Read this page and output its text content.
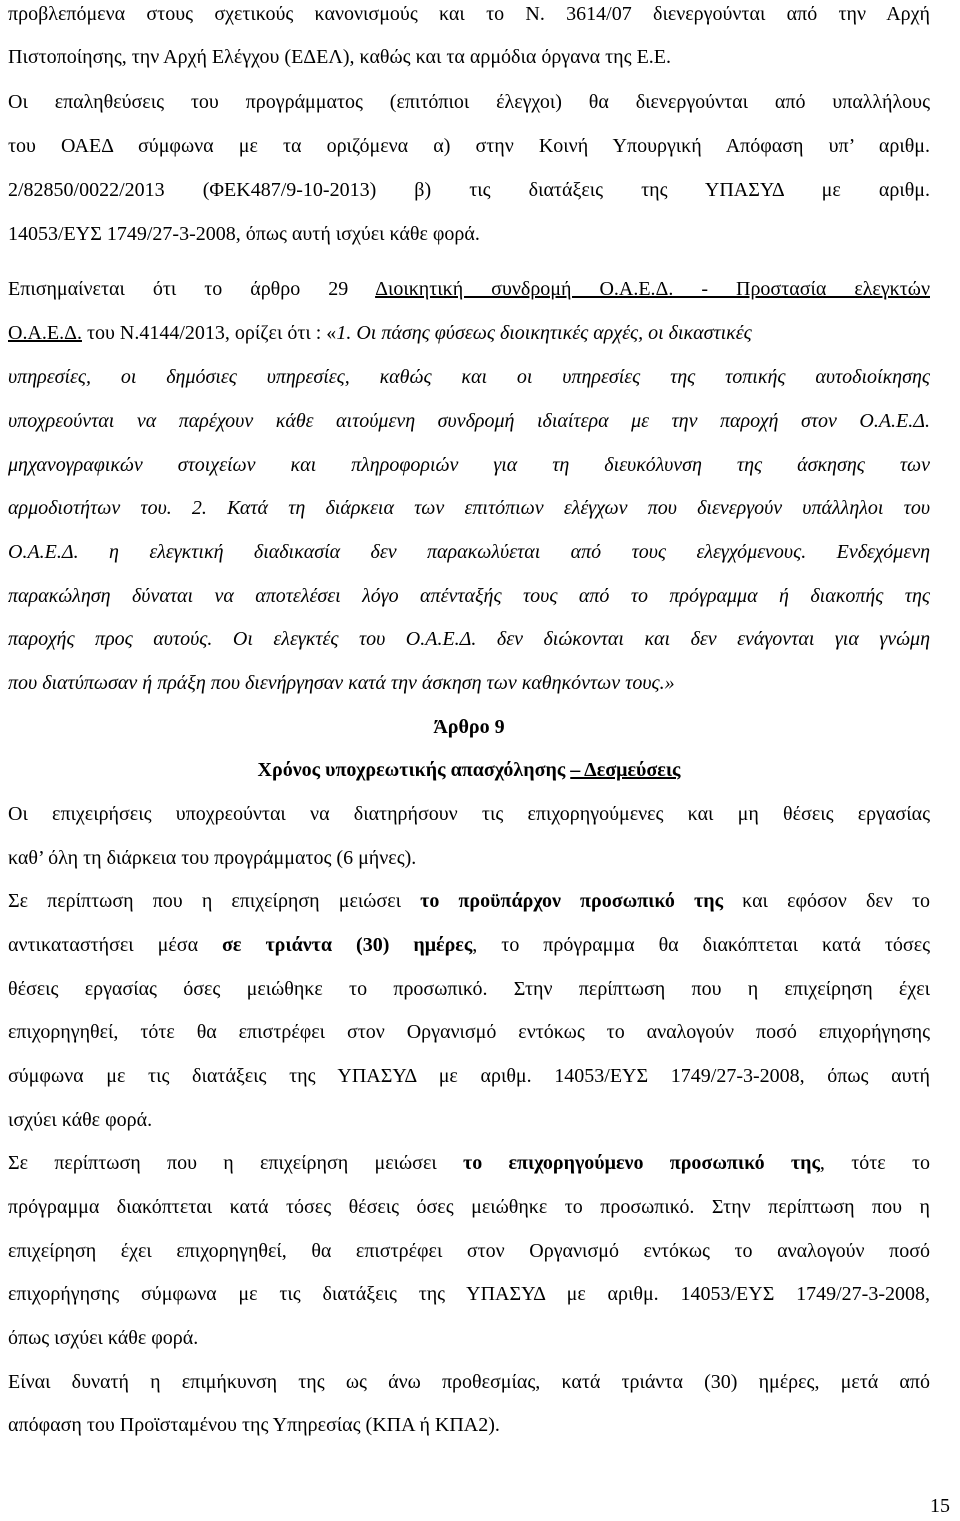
προβλεπόμενα στους σχετικούς κανονισμούς και το Ν. 3614/07 διενεργούνται από την Αρχή
Πιστοποίησης, την Αρχή Ελέγχου (ΕΔΕΛ), καθώς και τα αρμόδια όργανα της Ε.Ε.
Οι επαληθεύσεις του προγράμματος (επιτόπιοι έλεγχοι) θα διενεργούνται από υπαλλήλους
του ΟΑΕΔ σύμφωνα με τα οριζόμενα α) στην Κοινή Υπουργική Απόφαση υπ’ αριθμ.
2/82850/0022/2013 (ΦΕΚ487/9-10-2013) β) τις διατάξεις της ΥΠΑΣΥΔ με αριθμ.
14053/ΕΥΣ 1749/27-3-2008, όπως αυτή ισχύει κάθε φορά.
Επισημαίνεται ότι το άρθρο 29 Διοικητική συνδρομή Ο.Α.Ε.Δ. - Προστασία ελεγκτών
Ο.Α.Ε.Δ. του Ν.4144/2013, ορίζει ότι : «1. Οι πάσης φύσεως διοικητικές αρχές, οι δικαστικές
υπηρεσίες, οι δημόσιες υπηρεσίες, καθώς και οι υπηρεσίες της τοπικής αυτοδιοίκησης
υποχρεούνται να παρέχουν κάθε αιτούμενη συνδρομή ιδιαίτερα με την παροχή στον Ο.Α.Ε.Δ.
μηχανογραφικών στοιχείων και πληροφοριών για τη διευκόλυνση της άσκησης των
αρμοδιοτήτων του. 2. Κατά τη διάρκεια των επιτόπιων ελέγχων που διενεργούν υπάλληλοι του
Ο.Α.Ε.Δ. η ελεγκτική διαδικασία δεν παρακωλύεται από τους ελεγχόμενους. Ενδεχόμενη
παρακώληση δύναται να αποτελέσει λόγο απένταξής τους από το πρόγραμμα ή διακοπής της
παροχής προς αυτούς. Οι ελεγκτές του Ο.Α.Ε.Δ. δεν διώκονται και δεν ενάγονται για γνώμη
που διατύπωσαν ή πράξη που διενήργησαν κατά την άσκηση των καθηκόντων τους.»
Άρθρο 9
Χρόνος υποχρεωτικής απασχόλησης – Δεσμεύσεις
Οι επιχειρήσεις υποχρεούνται να διατηρήσουν τις επιχορηγούμενες και μη θέσεις εργασίας
καθ’ όλη τη διάρκεια του προγράμματος (6 μήνες).
Σε περίπτωση που η επιχείρηση μειώσει το προϋπάρχον προσωπικό της και εφόσον δεν το
αντικαταστήσει μέσα σε τριάντα (30) ημέρες, το πρόγραμμα θα διακόπτεται κατά τόσες
θέσεις εργασίας όσες μειώθηκε το προσωπικό. Στην περίπτωση που η επιχείρηση έχει
επιχορηγηθεί, τότε θα επιστρέφει στον Οργανισμό εντόκως το αναλογούν ποσό επιχορήγησης
σύμφωνα με τις διατάξεις της ΥΠΑΣΥΔ με αριθμ. 14053/ΕΥΣ 1749/27-3-2008, όπως αυτή
ισχύει κάθε φορά.
Σε περίπτωση που η επιχείρηση μειώσει το επιχορηγούμενο προσωπικό της, τότε το
πρόγραμμα διακόπτεται κατά τόσες θέσεις όσες μειώθηκε το προσωπικό. Στην περίπτωση που η
επιχείρηση έχει επιχορηγηθεί, θα επιστρέφει στον Οργανισμό εντόκως το αναλογούν ποσό
επιχορήγησης σύμφωνα με τις διατάξεις της ΥΠΑΣΥΔ με αριθμ. 14053/ΕΥΣ 1749/27-3-2008,
όπως ισχύει κάθε φορά.
Είναι δυνατή η επιμήκυνση της ως άνω προθεσμίας, κατά τριάντα (30) ημέρες, μετά από
απόφαση του Προϊσταμένου της Υπηρεσίας (ΚΠΑ ή ΚΠΑ2).
15
